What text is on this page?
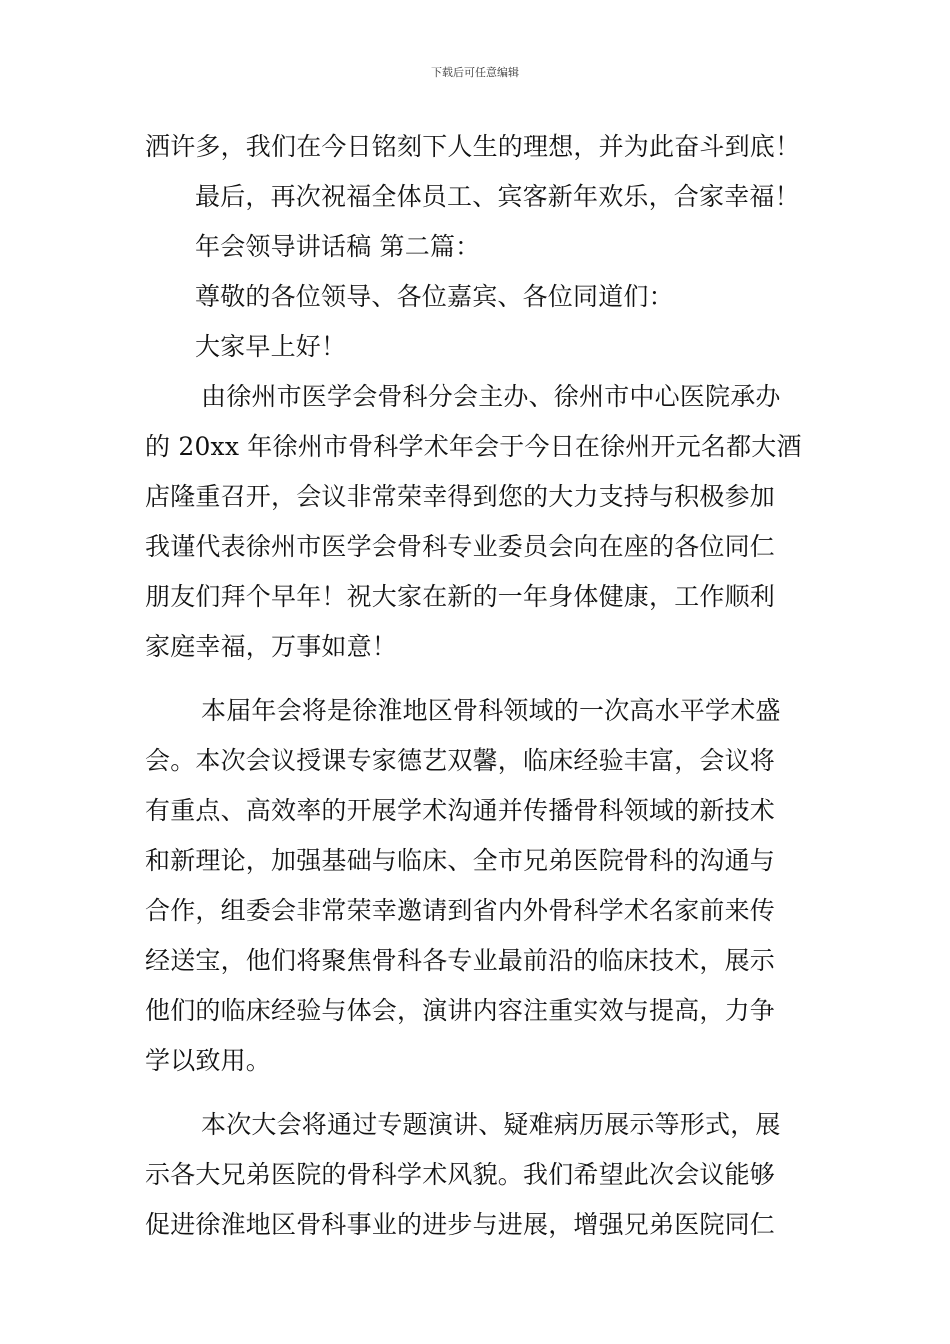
下载后可任意编辑
洒许多，我们在今日铭刻下人生的理想，并为此奋斗到底！
最后，再次祝福全体员工、宾客新年欢乐，合家幸福！
年会领导讲话稿 第二篇：
尊敬的各位领导、各位嘉宾、各位同道们：
大家早上好！
由徐州市医学会骨科分会主办、徐州市中心医院承办
的 20xx 年徐州市骨科学术年会于今日在徐州开元名都大酒
店隆重召开，会议非常荣幸得到您的大力支持与积极参加
我谨代表徐州市医学会骨科专业委员会向在座的各位同仁
朋友们拜个早年！祝大家在新的一年身体健康，工作顺利
家庭幸福，万事如意！
本届年会将是徐淮地区骨科领域的一次高水平学术盛
会。本次会议授课专家德艺双馨，临床经验丰富，会议将
有重点、高效率的开展学术沟通并传播骨科领域的新技术
和新理论，加强基础与临床、全市兄弟医院骨科的沟通与
合作，组委会非常荣幸邀请到省内外骨科学术名家前来传
经送宝，他们将聚焦骨科各专业最前沿的临床技术，展示
他们的临床经验与体会，演讲内容注重实效与提高，力争
学以致用。
本次大会将通过专题演讲、疑难病历展示等形式，展
示各大兄弟医院的骨科学术风貌。我们希望此次会议能够
促进徐淮地区骨科事业的进步与进展，增强兄弟医院同仁
